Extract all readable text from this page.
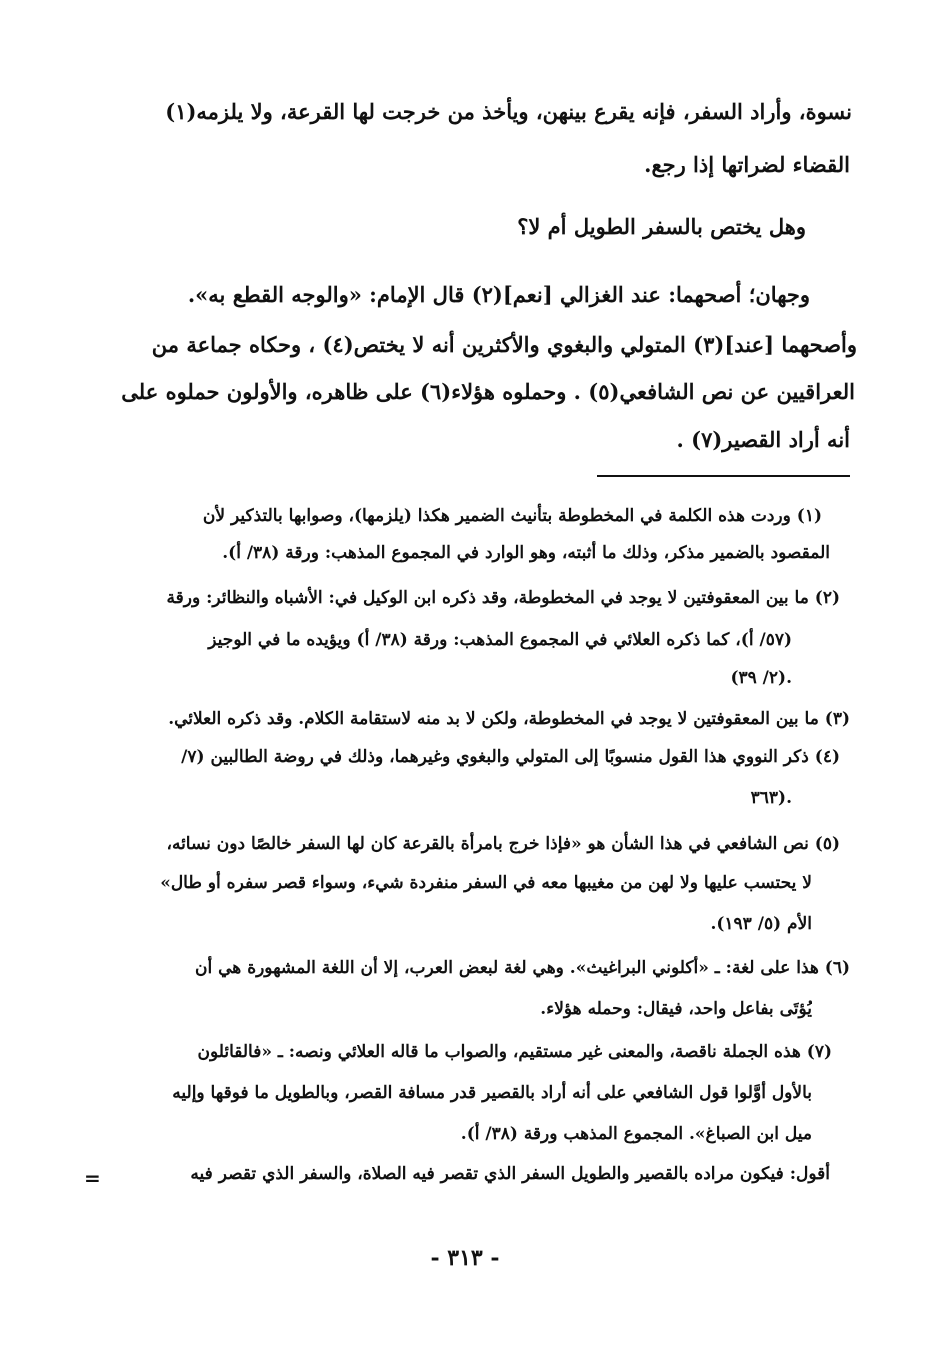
نسوة، وأراد السفر، فإنه يقرع بينهن، ويأخذ من خرجت لها القرعة، ولا يلزمه(١)
القضاء لضراتها إذا رجع.
وهل يختص بالسفر الطويل أم لا؟
وجهان؛ أصحهما: عند الغزالي [نعم](٢) قال الإمام: «والوجه القطع به».
وأصحهما [عند](٣) المتولي والبغوي والأكثرين أنه لا يختص(٤) ، وحكاه جماعة من
العراقيين عن نص الشافعي(٥) . وحملوه هؤلاء(٦) على ظاهره، والأولون حملوه على
أنه أراد القصير(٧) .
(١) وردت هذه الكلمة في المخطوطة بتأنيث الضمير هكذا (يلزمها)، وصوابها بالتذكير لأن
المقصود بالضمير مذكر، وذلك ما أثبته، وهو الوارد في المجموع المذهب: ورقة (٣٨/ أ).
(٢) ما بين المعقوفتين لا يوجد في المخطوطة، وقد ذكره ابن الوكيل في: الأشباه والنظائر: ورقة
(٥٧/ أ)، كما ذكره العلائي في المجموع المذهب: ورقة (٣٨/ أ) ويؤيده ما في الوجيز
(٢/ ٣٩).
(٣) ما بين المعقوفتين لا يوجد في المخطوطة، ولكن لا بد منه لاستقامة الكلام. وقد ذكره العلائي.
(٤) ذكر النووي هذا القول منسوبًا إلى المتولي والبغوي وغيرهما، وذلك في روضة الطالبين (٧/
٣٦٣).
(٥) نص الشافعي في هذا الشأن هو «فإذا خرج بامرأة بالقرعة كان لها السفر خالصًا دون نسائه،
لا يحتسب عليها ولا لهن من مغيبها معه في السفر منفردة شيء، وسواء قصر سفره أو طال»
الأم (٥/ ١٩٣).
(٦) هذا على لغة: ـ «أكلوني البراغيث». وهي لغة لبعض العرب، إلا أن اللغة المشهورة هي أن
يُؤتَى بفاعل واحد، فيقال: وحمله هؤلاء.
(٧) هذه الجملة ناقصة، والمعنى غير مستقيم، والصواب ما قاله العلائي ونصه: ـ «فالقائلون
بالأول أوَّلوا قول الشافعي على أنه أراد بالقصير قدر مسافة القصر، وبالطويل ما فوقها وإليه
ميل ابن الصباغ». المجموع المذهب ورقة (٣٨/ أ).
أقول: فيكون مراده بالقصير والطويل السفر الذي تقصر فيه الصلاة، والسفر الذي تقصر فيه
=
- ٣١٣ -
